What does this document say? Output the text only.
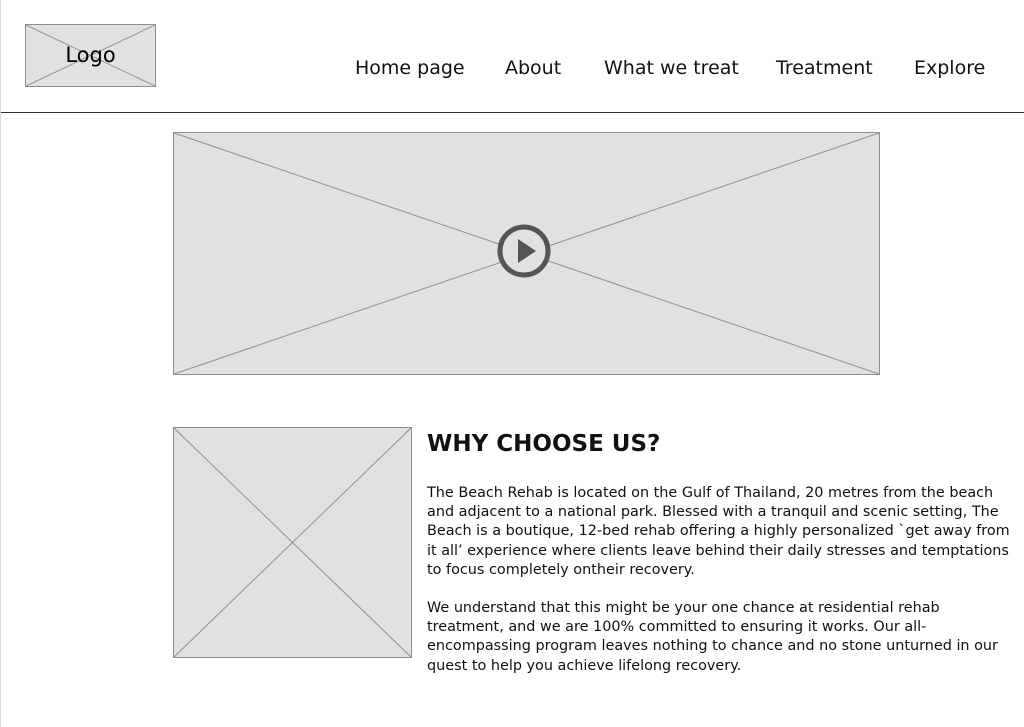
Logo
Home page About What we treat Treatment Explore
WHY CHOOSE US?

The Beach Rehab is located on the Gulf of Thailand, 20 metres from the beach and adjacent to a national park. Blessed with a tranquil and scenic setting, The Beach is a boutique, 12-bed rehab offering a highly personalized `get away from it all’ experience where clients leave behind their daily stresses and temptations to focus completely ontheir recovery.

We understand that this might be your one chance at residential rehab treatment, and we are 100% committed to ensuring it works. Our all-encompassing program leaves nothing to chance and no stone unturned in our quest to help you achieve lifelong recovery.
